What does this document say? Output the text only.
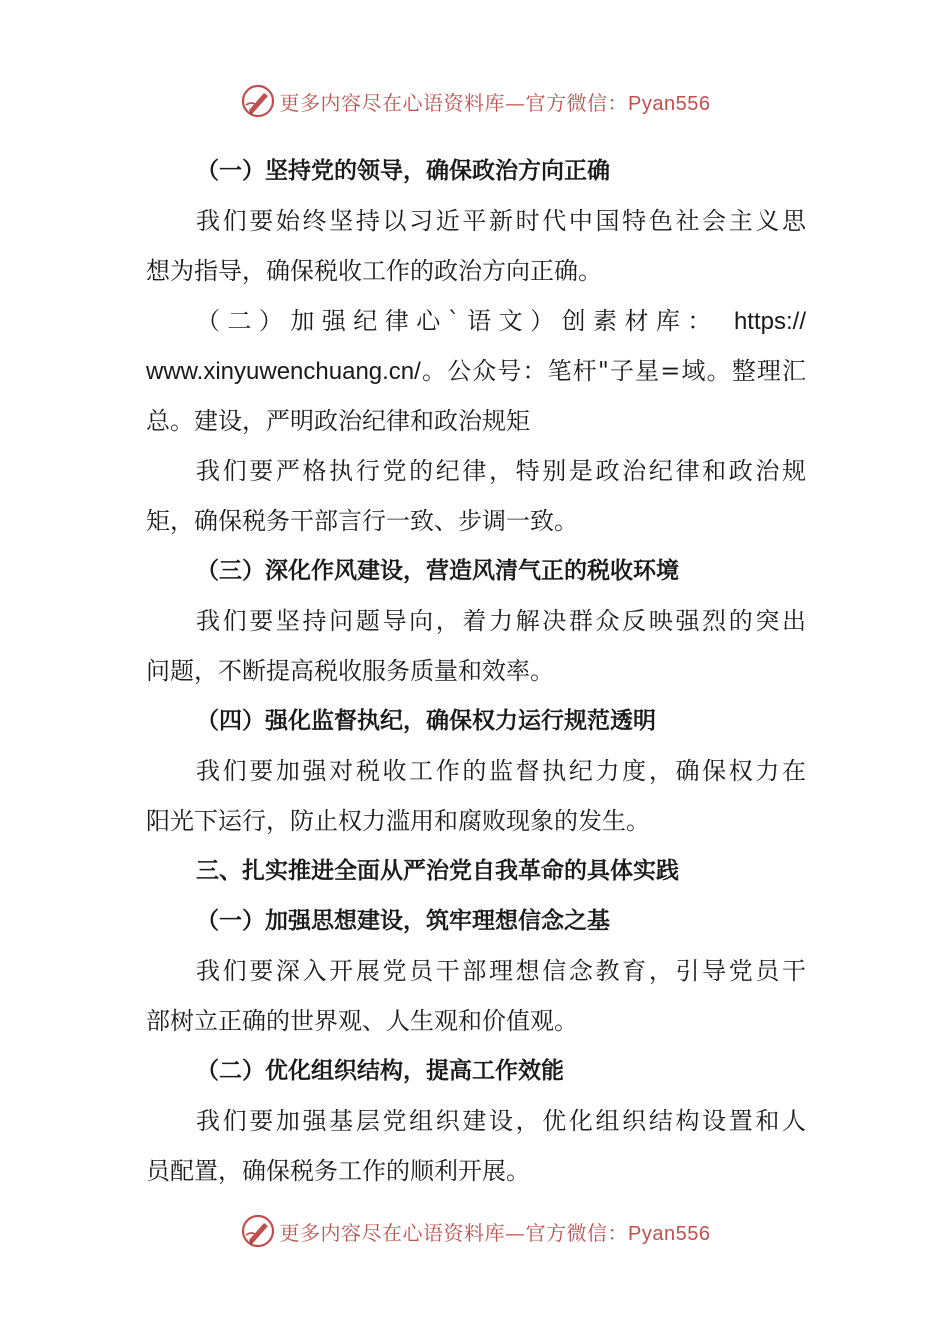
更多内容尽在心语资料库—官方微信：Pyan556
（一）坚持党的领导，确保政治方向正确
我们要始终坚持以习近平新时代中国特色社会主义思
想为指导，确保税收工作的政治方向正确。
（二）加强纪律心`语文）创素材库： https://
www.xinyuwenchuang.cn/。公众号：笔杆"子星=域。整理汇
总。建设，严明政治纪律和政治规矩
我们要严格执行党的纪律，特别是政治纪律和政治规
矩，确保税务干部言行一致、步调一致。
（三）深化作风建设，营造风清气正的税收环境
我们要坚持问题导向，着力解决群众反映强烈的突出
问题，不断提高税收服务质量和效率。
（四）强化监督执纪，确保权力运行规范透明
我们要加强对税收工作的监督执纪力度，确保权力在
阳光下运行，防止权力滥用和腐败现象的发生。
三、扎实推进全面从严治党自我革命的具体实践
（一）加强思想建设，筑牢理想信念之基
我们要深入开展党员干部理想信念教育，引导党员干
部树立正确的世界观、人生观和价值观。
（二）优化组织结构，提高工作效能
我们要加强基层党组织建设，优化组织结构设置和人
员配置，确保税务工作的顺利开展。
更多内容尽在心语资料库—官方微信：Pyan556
